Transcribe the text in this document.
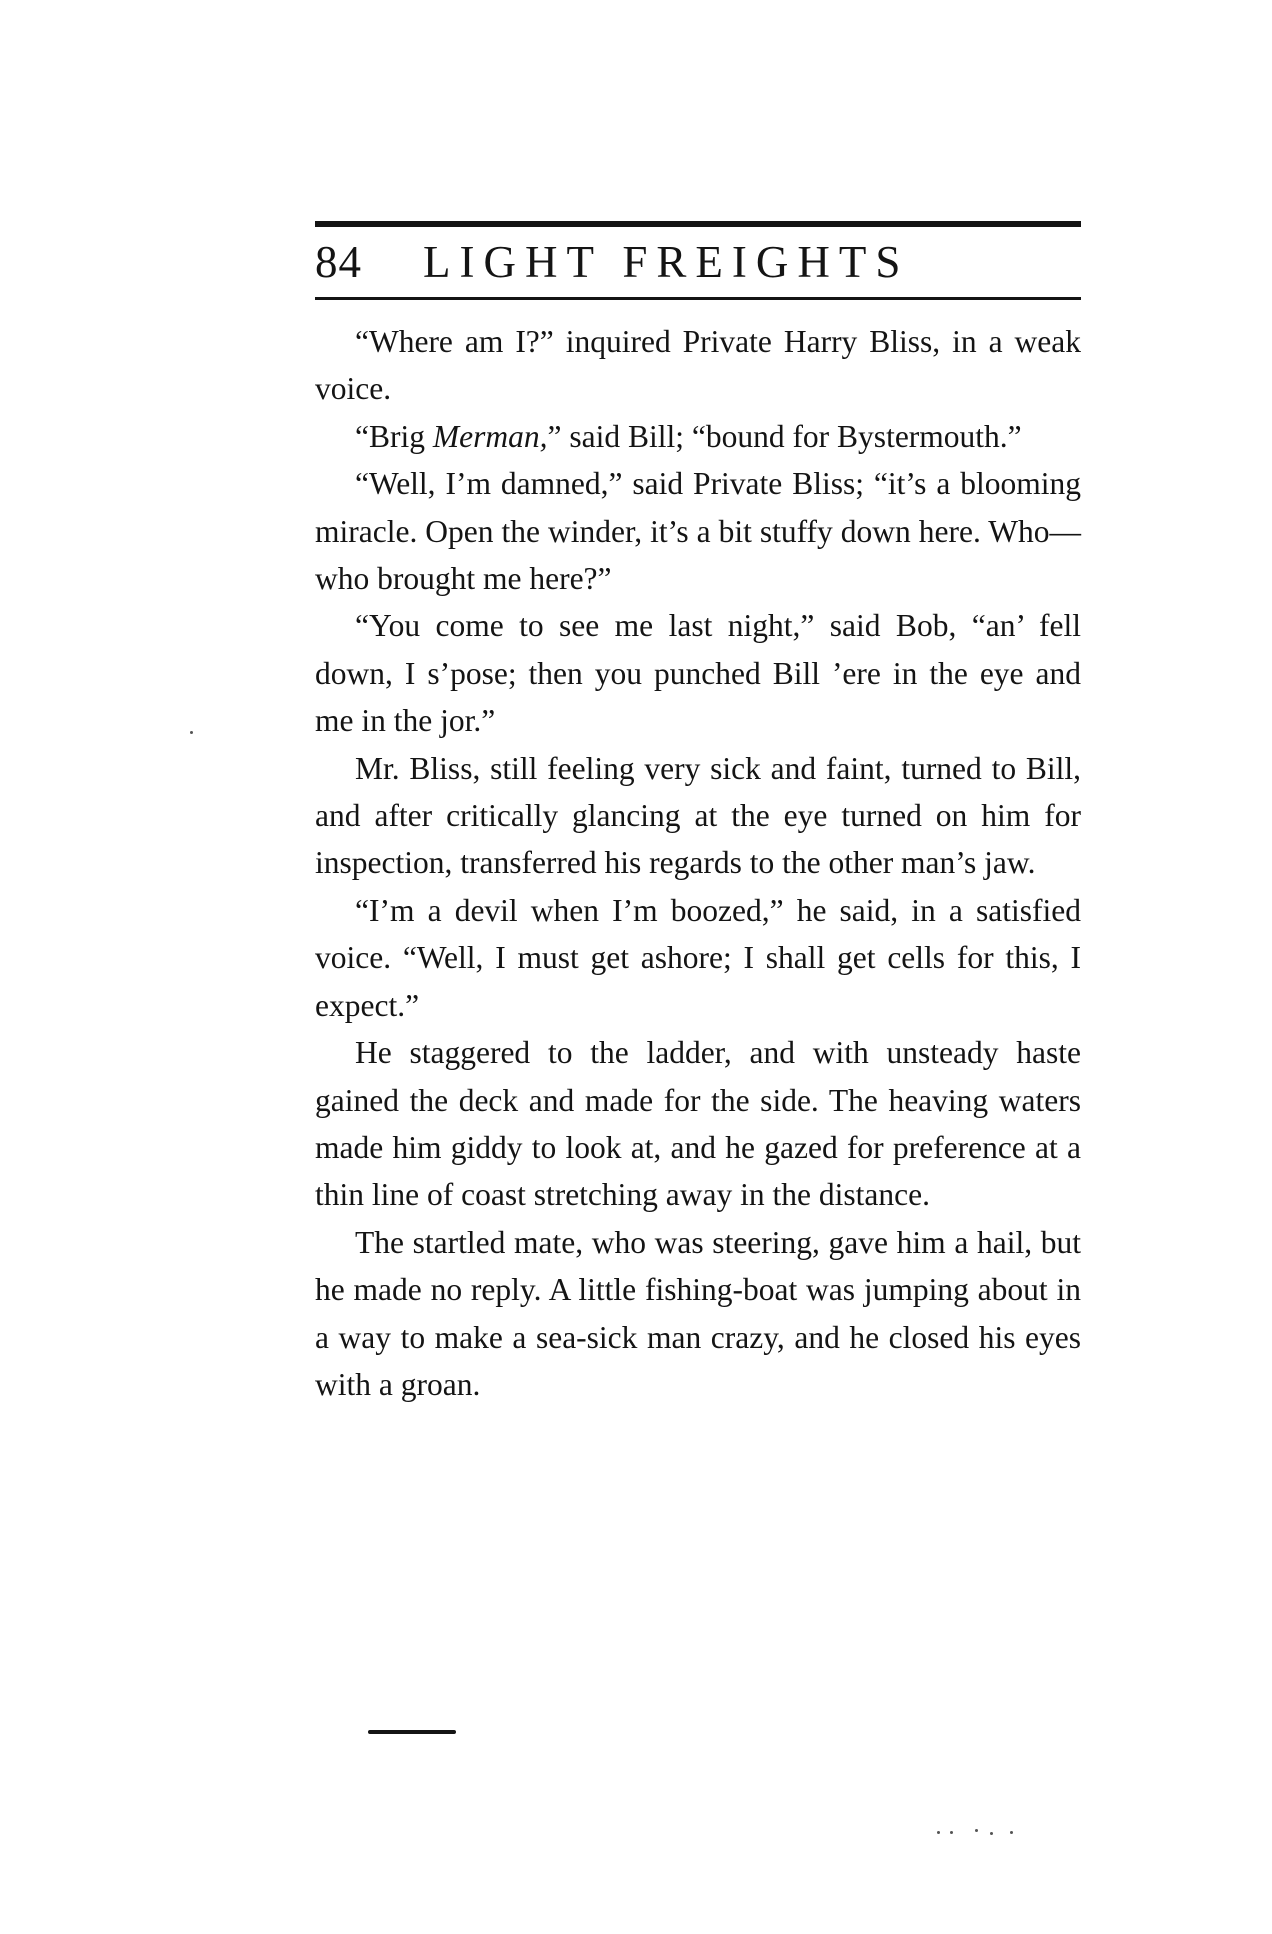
84 LIGHT FREIGHTS

“Where am I?” inquired Private Harry Bliss, in a weak voice.

“Brig Merman,” said Bill; “bound for Bystermouth.”

“Well, I’m damned,” said Private Bliss; “it’s a blooming miracle. Open the winder, it’s a bit stuffy down here. Who—who brought me here?”

“You come to see me last night,” said Bob, “an’ fell down, I s’pose; then you punched Bill ’ere in the eye and me in the jor.”

Mr. Bliss, still feeling very sick and faint, turned to Bill, and after critically glancing at the eye turned on him for inspection, transferred his regards to the other man’s jaw.

“I’m a devil when I’m boozed,” he said, in a satisfied voice. “Well, I must get ashore; I shall get cells for this, I expect.”

He staggered to the ladder, and with unsteady haste gained the deck and made for the side. The heaving waters made him giddy to look at, and he gazed for preference at a thin line of coast stretching away in the distance.

The startled mate, who was steering, gave him a hail, but he made no reply. A little fishing-boat was jumping about in a way to make a sea-sick man crazy, and he closed his eyes with a groan.
